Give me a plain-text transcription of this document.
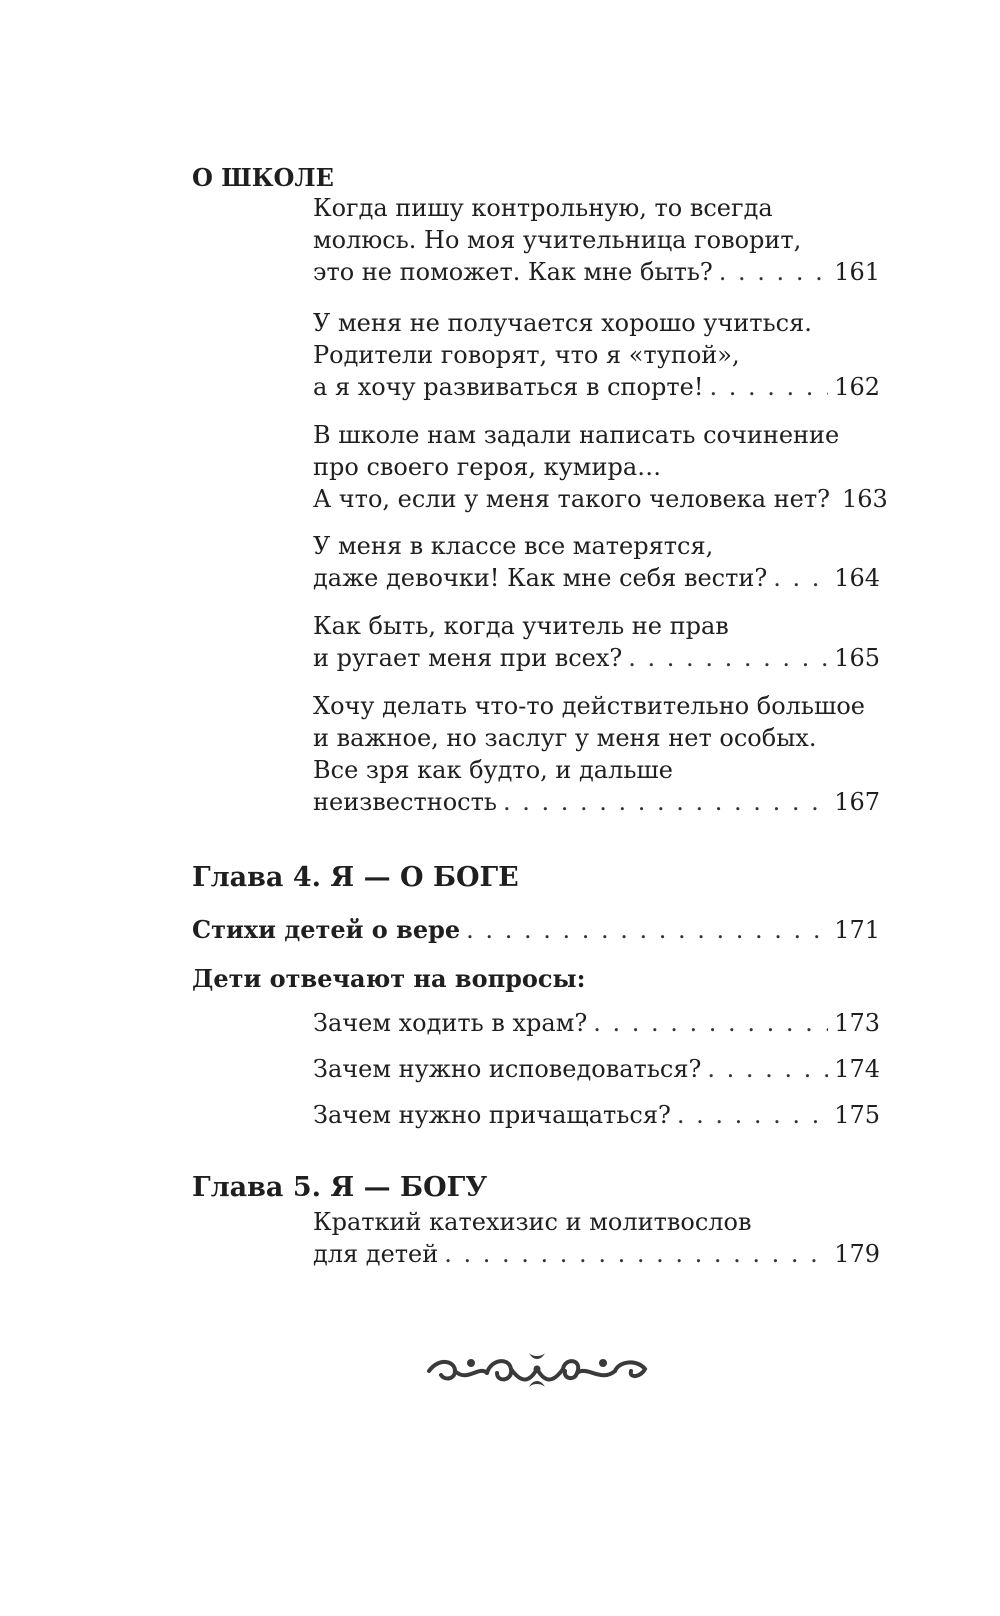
О ШКОЛЕ
Когда пишу контрольную, то всегда
молюсь. Но моя учительница говорит,
это не поможет. Как мне быть? . . .	161
У меня не получается хорошо учиться.
Родители говорят, что я «тупой»,
а я хочу развиваться в спорте! . . .	162
В школе нам задали написать сочинение
про своего героя, кумира…
А что, если у меня такого человека нет? 163
У меня в классе все матерятся,
даже девочки! Как мне себя вести? . . .	164
Как быть, когда учитель не прав
и ругает меня при всех? . . .	165
Хочу делать что-то действительно большое
и важное, но заслуг у меня нет особых.
Все зря как будто, и дальше
неизвестность . . .	167
Глава 4. Я — О БОГЕ
Стихи детей о вере . . .	171
Дети отвечают на вопросы:
Зачем ходить в храм? . . .	173
Зачем нужно исповедоваться? . . .	174
Зачем нужно причащаться? . . .	175
Глава 5. Я — БОГУ
Краткий катехизис и молитвослов
для детей . . .	179
